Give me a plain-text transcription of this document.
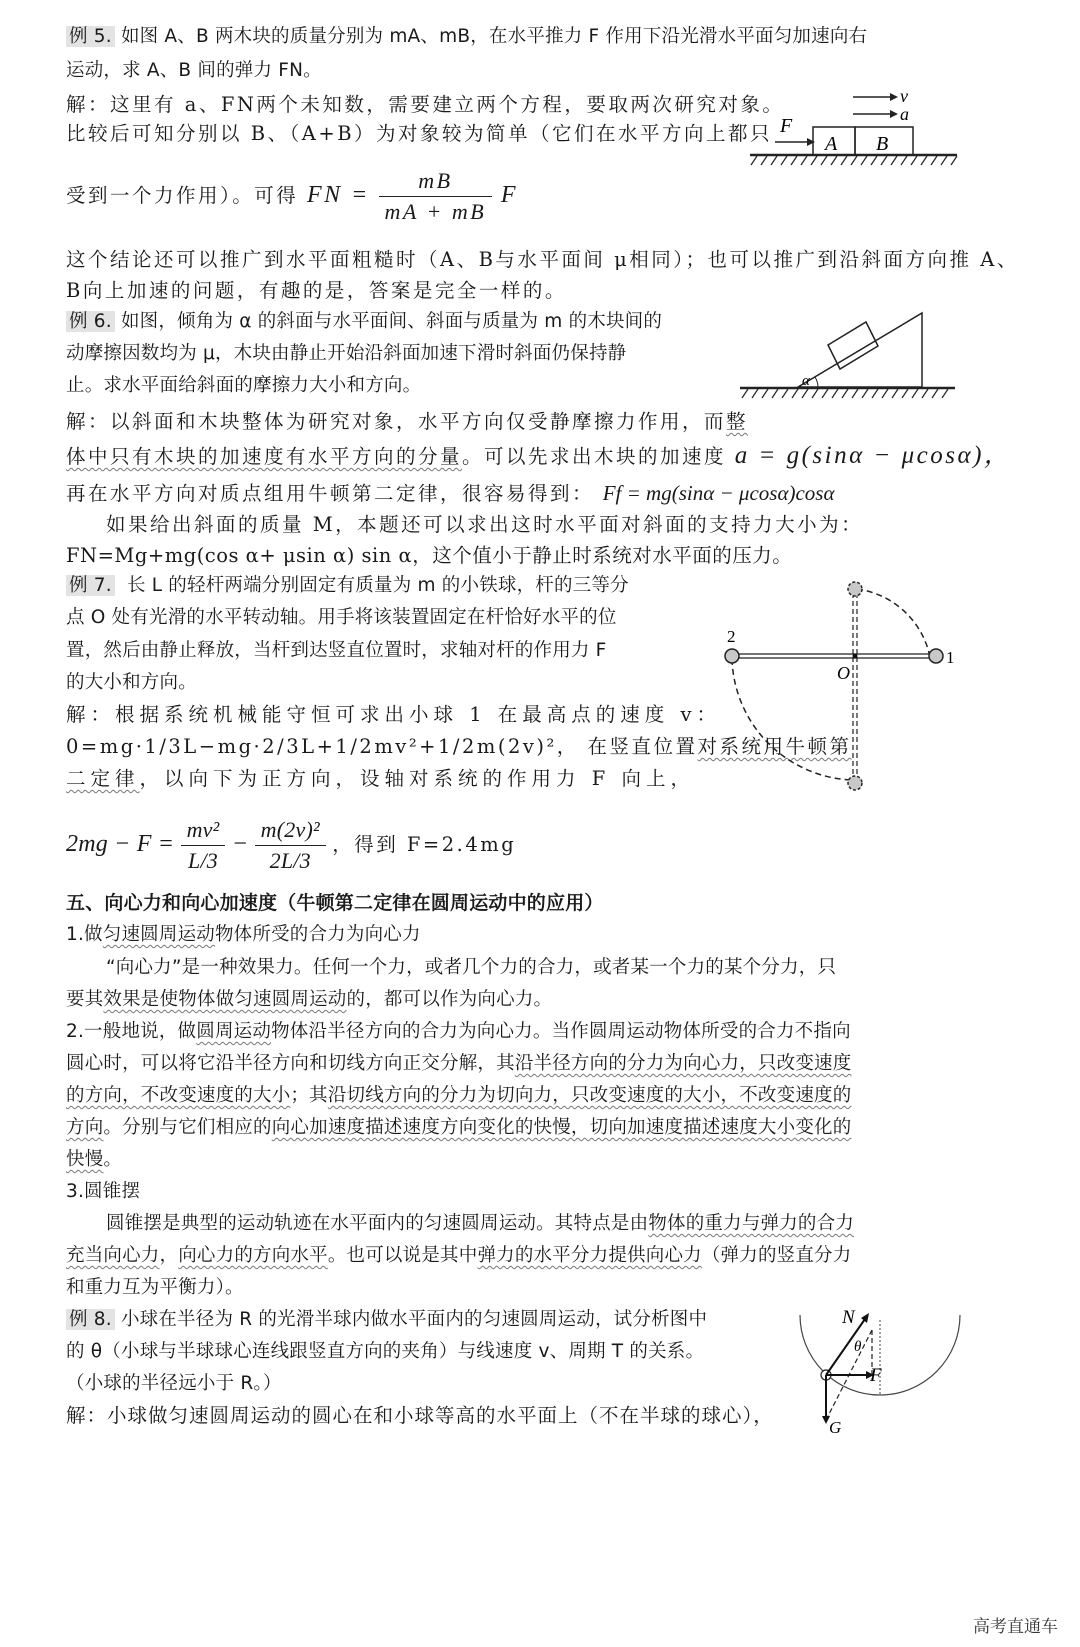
例 5. 如图 A、B 两木块的质量分别为 mA、mB，在水平推力 F 作用下沿光滑水平面匀加速向右
运动，求 A、B 间的弹力 FN。
解：这里有 a、FN两个未知数，需要建立两个方程，要取两次研究对象。
比较后可知分别以 B、（A+B）为对象较为简单（它们在水平方向上都只
受到一个力作用）。可得 FN = $\frac{mB}{mA + mB}$ F
这个结论还可以推广到水平面粗糙时（A、B与水平面间 μ相同）；也可以推广到沿斜面方向推 A、
B向上加速的问题，有趣的是，答案是完全一样的。
v
a
F
A B
例 6. 如图，倾角为 α 的斜面与水平面间、斜面与质量为 m 的木块间的
动摩擦因数均为 μ，木块由静止开始沿斜面加速下滑时斜面仍保持静
止。求水平面给斜面的摩擦力大小和方向。
解：以斜面和木块整体为研究对象，水平方向仅受静摩擦力作用，而整
体中只有木块的加速度有水平方向的分量。可以先求出木块的加速度 a = g(sinα − μcosα)，
再在水平方向对质点组用牛顿第二定律，很容易得到： Ff = mg(sinα − μcosα)cosα
如果给出斜面的质量 M，本题还可以求出这时水平面对斜面的支持力大小为：
FN=Mg+mg(cos α+ μsin α) sin α，这个值小于静止时系统对水平面的压力。
α
例 7. 长 L 的轻杆两端分别固定有质量为 m 的小铁球，杆的三等分
点 O 处有光滑的水平转动轴。用手将该装置固定在杆恰好水平的位
置，然后由静止释放，当杆到达竖直位置时，求轴对杆的作用力 F
的大小和方向。
解：根据系统机械能守恒可求出小球 1 在最高点的速度 v：
0=mg·1/3L−mg·2/3L+1/2mv²+1/2m(2v)²， 在竖直位置对系统用牛顿第
二定律，以向下为正方向，设轴对系统的作用力 F 向上，
$2mg - F = \frac{\text{mv²}}{L/3} - \frac{\text{m(2v)²}}{2L/3}$ ，得到 F=2.4mg
2
1
O
五、向心力和向心加速度（牛顿第二定律在圆周运动中的应用）
1.做匀速圆周运动物体所受的合力为向心力
“向心力”是一种效果力。任何一个力，或者几个力的合力，或者某一个力的某个分力，只
要其效果是使物体做匀速圆周运动的，都可以作为向心力。
2.一般地说，做圆周运动物体沿半径方向的合力为向心力。当作圆周运动物体所受的合力不指向
圆心时，可以将它沿半径方向和切线方向正交分解，其沿半径方向的分力为向心力，只改变速度
的方向，不改变速度的大小；其沿切线方向的分力为切向力，只改变速度的大小，不改变速度的
方向。分别与它们相应的向心加速度描述速度方向变化的快慢，切向加速度描述速度大小变化的
快慢。
3.圆锥摆
圆锥摆是典型的运动轨迹在水平面内的匀速圆周运动。其特点是由物体的重力与弹力的合力
充当向心力，向心力的方向水平。也可以说是其中弹力的水平分力提供向心力（弹力的竖直分力
和重力互为平衡力）。
例 8. 小球在半径为 R 的光滑半球内做水平面内的匀速圆周运动，试分析图中
的 θ（小球与半球球心连线跟竖直方向的夹角）与线速度 v、周期 T 的关系。
（小球的半径远小于 R。）
解：小球做匀速圆周运动的圆心在和小球等高的水平面上（不在半球的球心），
N
θ
F
G
高考直通车
